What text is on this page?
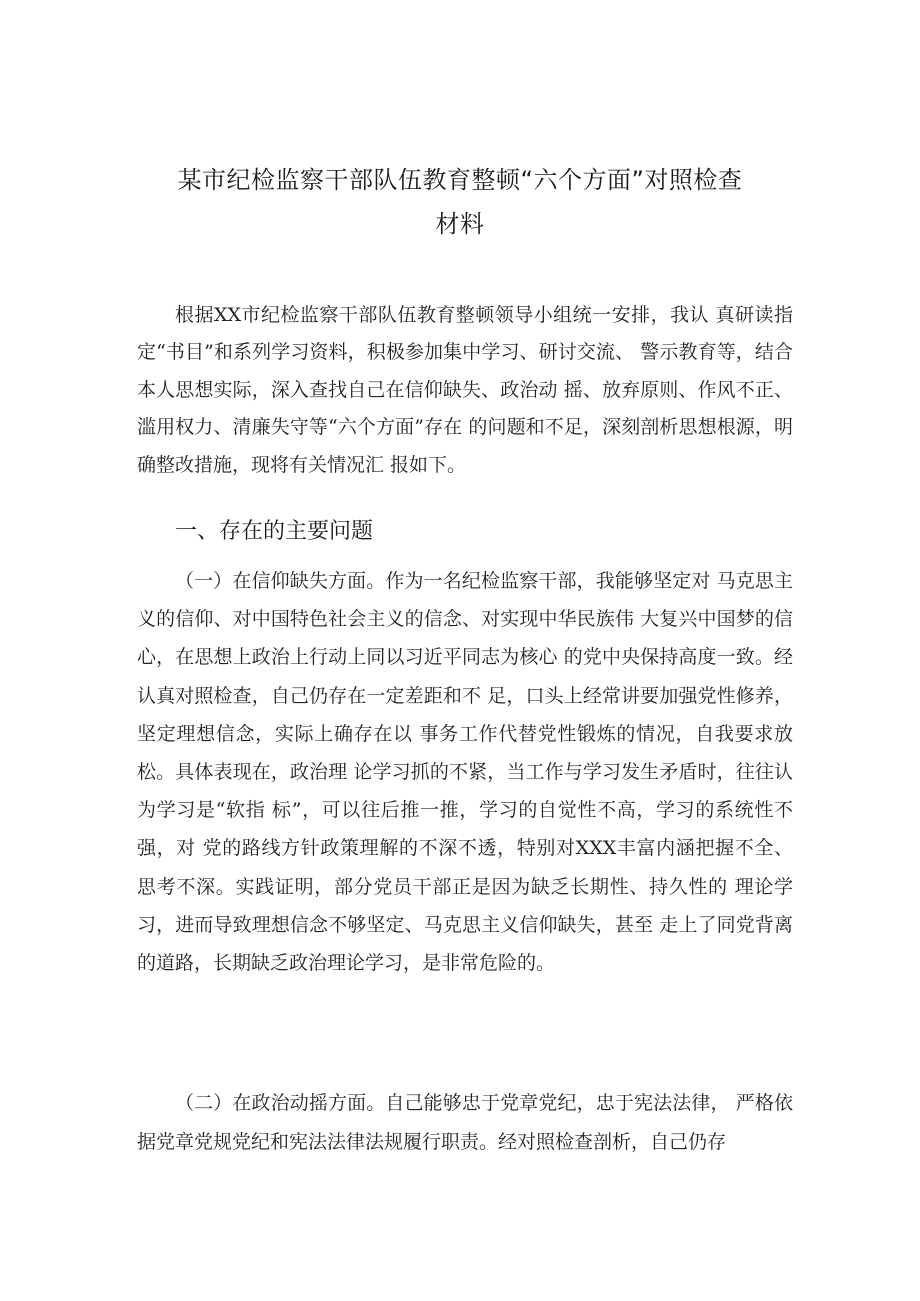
某市纪检监察干部队伍教育整顿“六个方面”对照检查
材料

根据XX市纪检监察干部队伍教育整顿领导小组统一安排，我认 真研读指定“书目”和系列学习资料，积极参加集中学习、研讨交流、 警示教育等，结合本人思想实际，深入查找自己在信仰缺失、政治动 摇、放弃原则、作风不正、滥用权力、清廉失守等“六个方面”存在 的问题和不足，深刻剖析思想根源，明确整改措施，现将有关情况汇 报如下。

一、存在的主要问题

（一）在信仰缺失方面。作为一名纪检监察干部，我能够坚定对 马克思主义的信仰、对中国特色社会主义的信念、对实现中华民族伟 大复兴中国梦的信心，在思想上政治上行动上同以习近平同志为核心 的党中央保持高度一致。经认真对照检查，自己仍存在一定差距和不 足，口头上经常讲要加强党性修养，坚定理想信念，实际上确存在以 事务工作代替党性锻炼的情况，自我要求放松。具体表现在，政治理 论学习抓的不紧，当工作与学习发生矛盾时，往往认为学习是“软指 标”，可以往后推一推，学习的自觉性不高，学习的系统性不强，对 党的路线方针政策理解的不深不透，特别对XXX丰富内涵把握不全、 思考不深。实践证明，部分党员干部正是因为缺乏长期性、持久性的 理论学习，进而导致理想信念不够坚定、马克思主义信仰缺失，甚至 走上了同党背离的道路，长期缺乏政治理论学习，是非常危险的。

（二）在政治动摇方面。自己能够忠于党章党纪，忠于宪法法律， 严格依据党章党规党纪和宪法法律法规履行职责。经对照检查剖析，自己仍存
